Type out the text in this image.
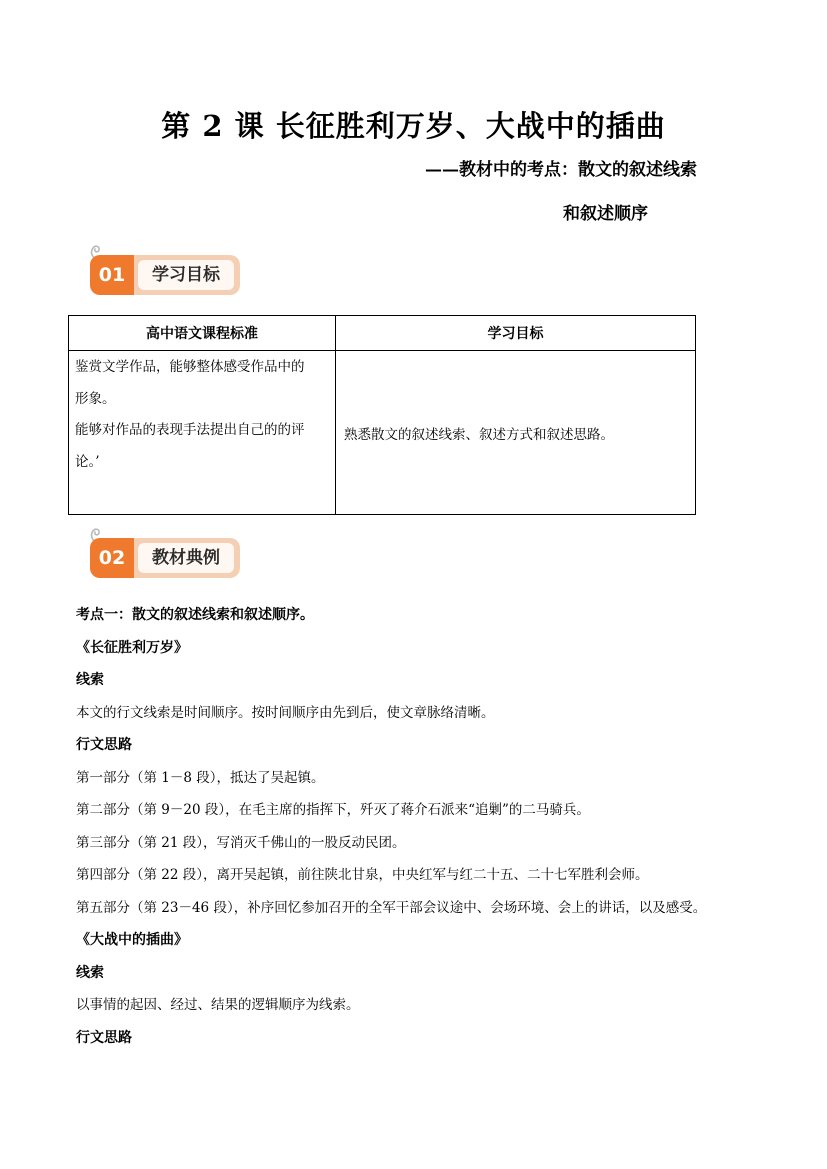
第 2 课 长征胜利万岁、大战中的插曲
——教材中的考点：散文的叙述线索
和叙述顺序
01	学习目标
高中语文课程标准	学习目标

鉴赏文学作品，能够整体感受作品中的
形象。
能够对作品的表现手法提出自己的的评
论。’	熟悉散文的叙述线索、叙述方式和叙述思路。
02	教材典例

考点一：散文的叙述线索和叙述顺序。

《长征胜利万岁》

线索

本文的行文线索是时间顺序。按时间顺序由先到后，使文章脉络清晰。

行文思路

第一部分（第 1－8 段），抵达了吴起镇。

第二部分（第 9－20 段），在毛主席的指挥下，歼灭了蒋介石派来“追剿”的二马骑兵。

第三部分（第 21 段），写消灭千佛山的一股反动民团。

第四部分（第 22 段），离开吴起镇，前往陕北甘泉，中央红军与红二十五、二十七军胜利会师。

第五部分（第 23－46 段），补序回忆参加召开的全军干部会议途中、会场环境、会上的讲话，以及感受。

《大战中的插曲》

线索

以事情的起因、经过、结果的逻辑顺序为线索。

行文思路
